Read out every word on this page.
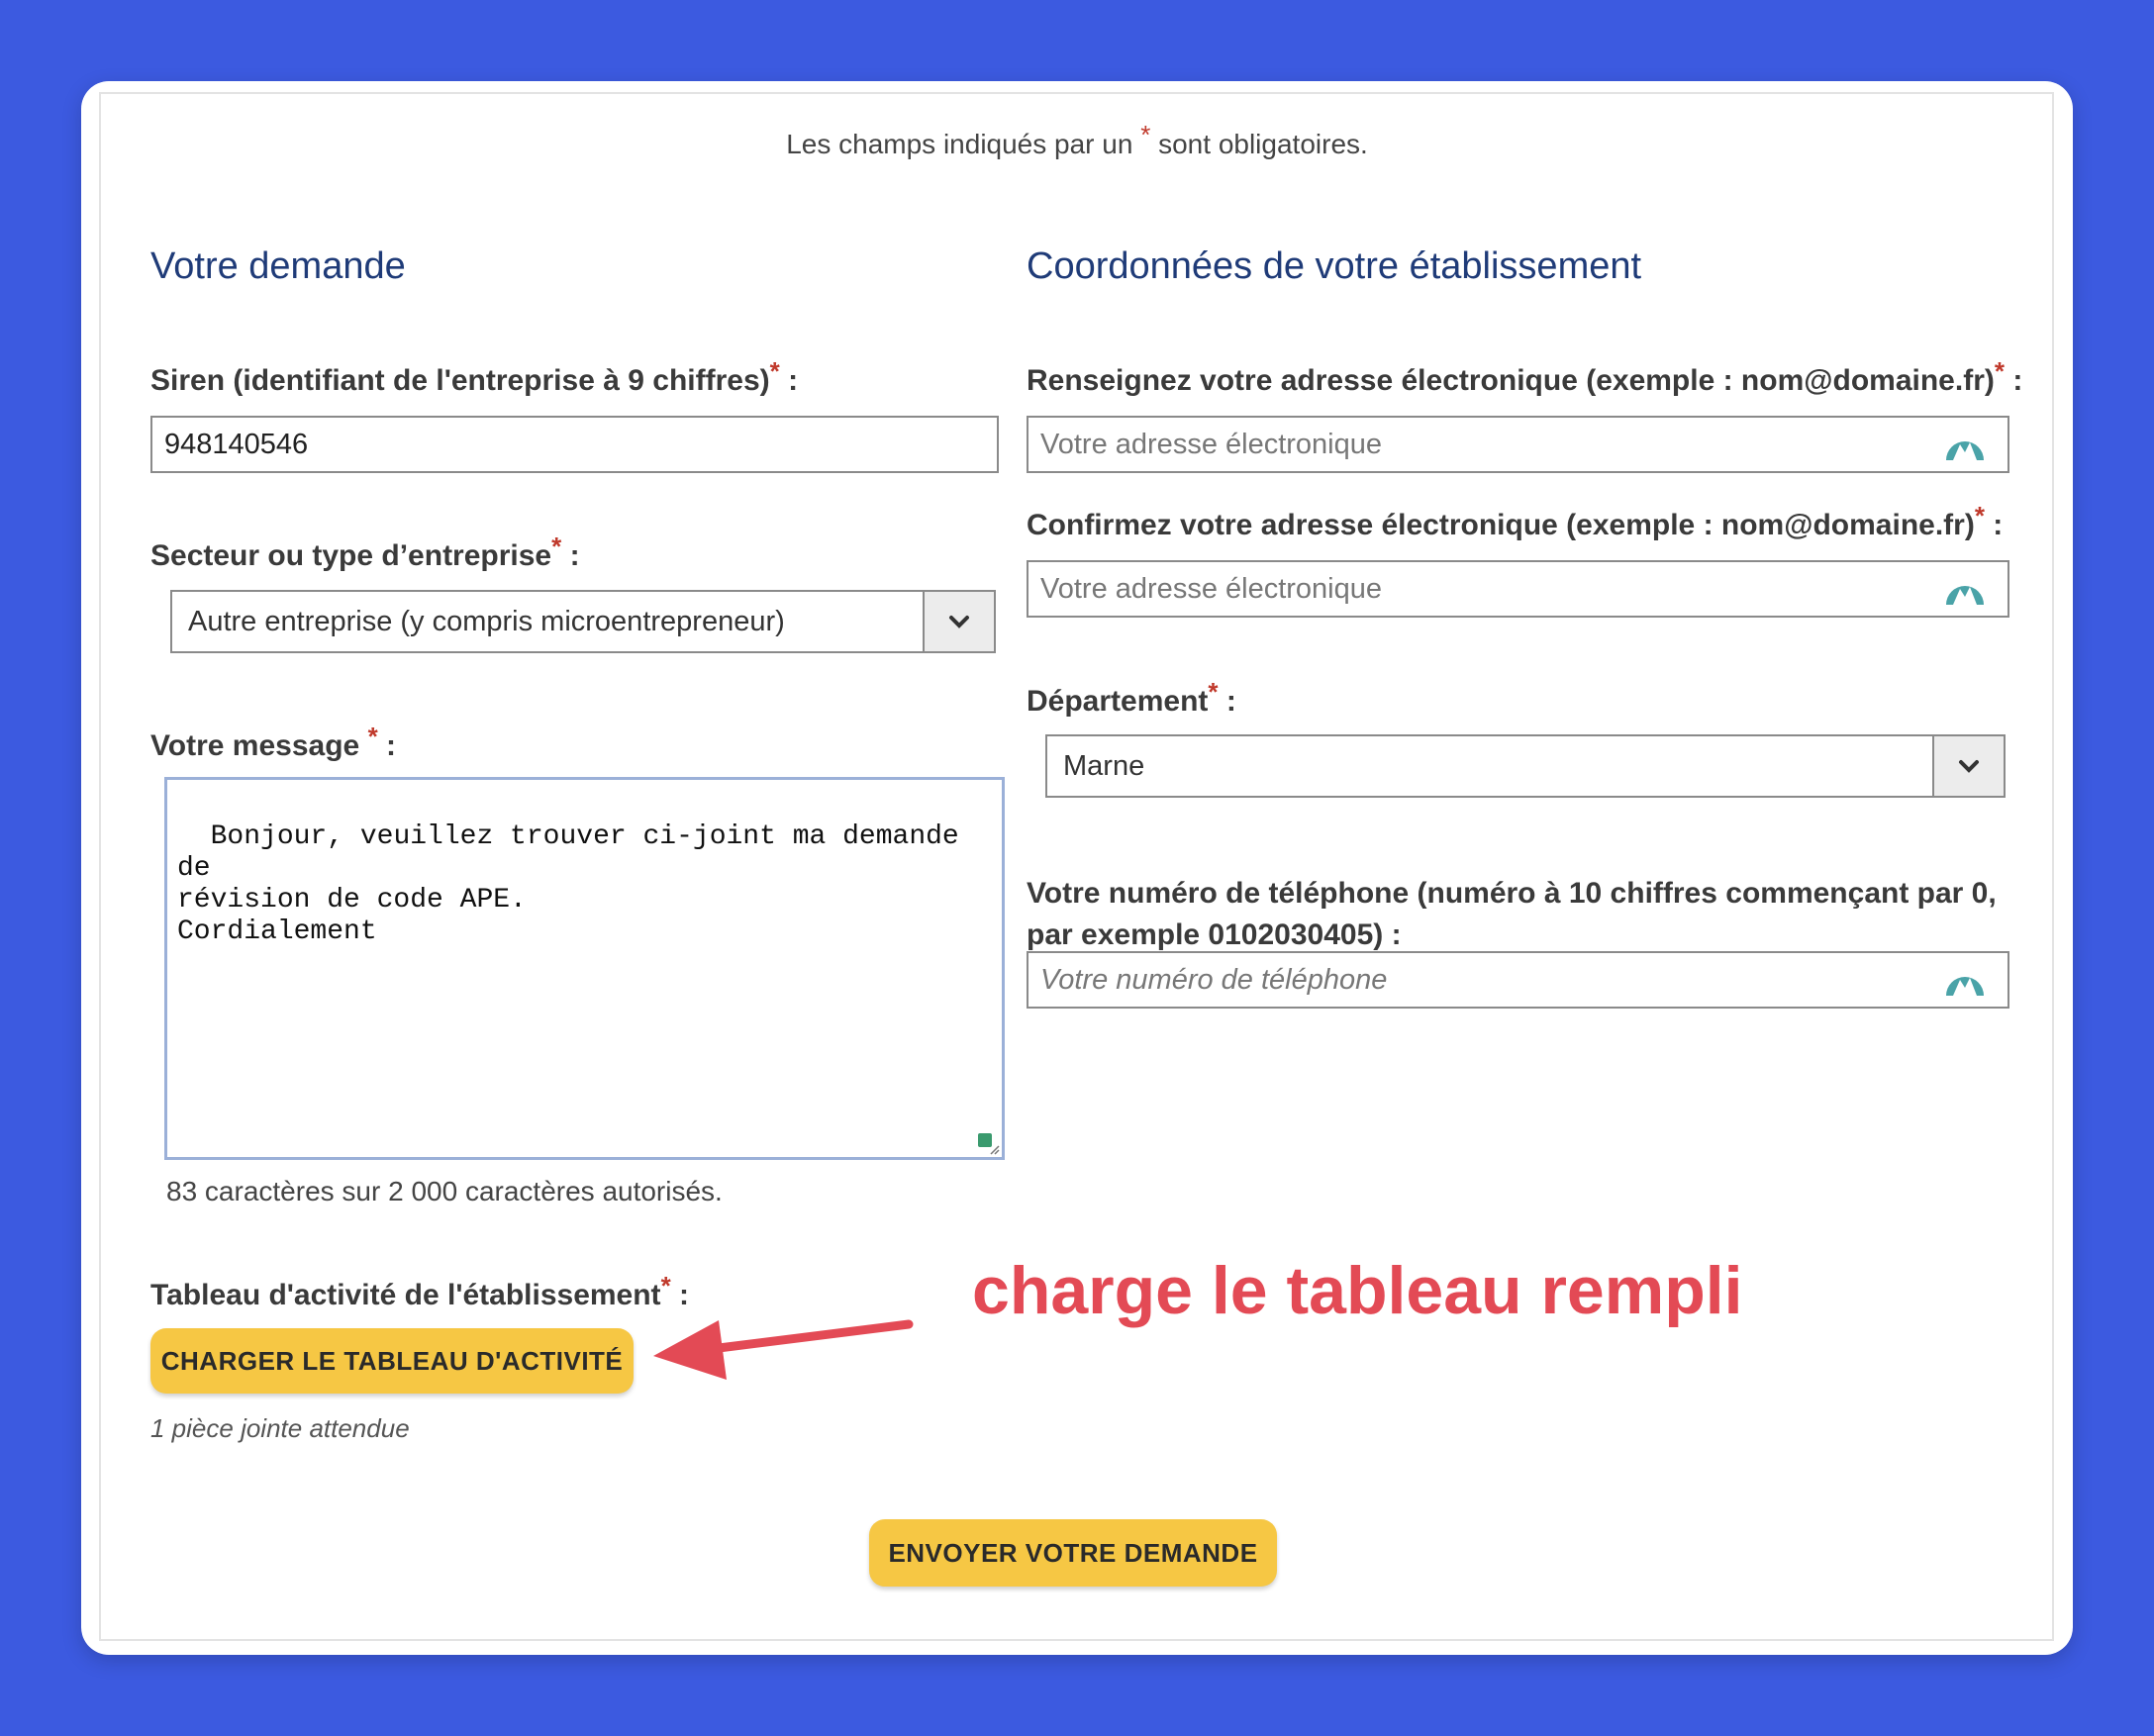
Les champs indiqués par un * sont obligatoires.
Votre demande
Siren (identifiant de l'entreprise à 9 chiffres)* :
948140546
Secteur ou type d’entreprise* :
Autre entreprise (y compris microentrepreneur)
Votre message * :

Bonjour, veuillez trouver ci-joint ma demande de
révision de code APE.
Cordialement

83 caractères sur 2 000 caractères autorisés.
Tableau d'activité de l'établissement* :
CHARGER LE TABLEAU D'ACTIVITÉ
1 pièce jointe attendue
Coordonnées de votre établissement
Renseignez votre adresse électronique (exemple : nom@domaine.fr)* :
Votre adresse électronique
Confirmez votre adresse électronique (exemple : nom@domaine.fr)* :
Votre adresse électronique
Département* :
Marne
Votre numéro de téléphone (numéro à 10 chiffres commençant par 0,
par exemple 0102030405) :
Votre numéro de téléphone
charge le tableau rempli
ENVOYER VOTRE DEMANDE
